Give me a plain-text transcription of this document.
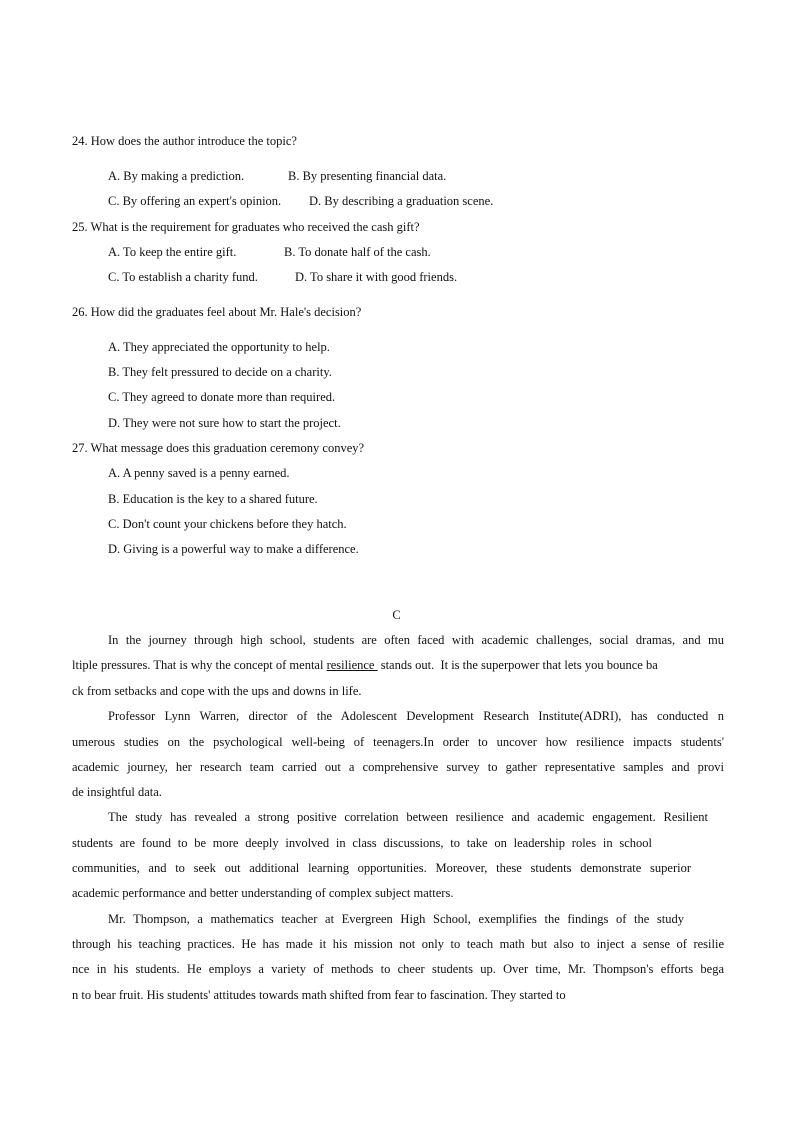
24. How does the author introduce the topic?
A. By making a prediction.	B. By presenting financial data.
C. By offering an expert's opinion. D. By describing a graduation scene.
25. What is the requirement for graduates who received the cash gift?
A. To keep the entire gift.	B. To donate half of the cash.
C. To establish a charity fund.	D. To share it with good friends.
26. How did the graduates feel about Mr. Hale's decision?
A. They appreciated the opportunity to help.
B. They felt pressured to decide on a charity.
C. They agreed to donate more than required.
D. They were not sure how to start the project.
27. What message does this graduation ceremony convey?
A. A penny saved is a penny earned.
B. Education is the key to a shared future.
C. Don't count your chickens before they hatch.
D. Giving is a powerful way to make a difference.
C
In the journey through high school, students are often faced with academic challenges, social dramas, and mu
ltiple pressures. That is why the concept of mental resilience  stands out.  It is the superpower that lets you bounce ba
ck from setbacks and cope with the ups and downs in life.
Professor Lynn Warren, director of the Adolescent Development Research Institute(ADRI), has conducted n
umerous studies on the psychological well-being of teenagers.In order to uncover how resilience impacts students'
academic journey, her research team carried out a comprehensive survey to gather representative samples and provi
de insightful data.
The study has revealed a strong positive correlation between resilience and academic engagement. Resilient
students are found to be more deeply involved in class discussions, to take on leadership roles in school
communities, and to seek out additional learning opportunities. Moreover, these students demonstrate superior
academic performance and better understanding of complex subject matters.
Mr. Thompson, a mathematics teacher at Evergreen High School, exemplifies the findings of the study
through his teaching practices. He has made it his mission not only to teach math but also to inject a sense of resilie
nce in his students. He employs a variety of methods to cheer students up. Over time, Mr. Thompson's efforts bega
n to bear fruit. His students' attitudes towards math shifted from fear to fascination. They started to
